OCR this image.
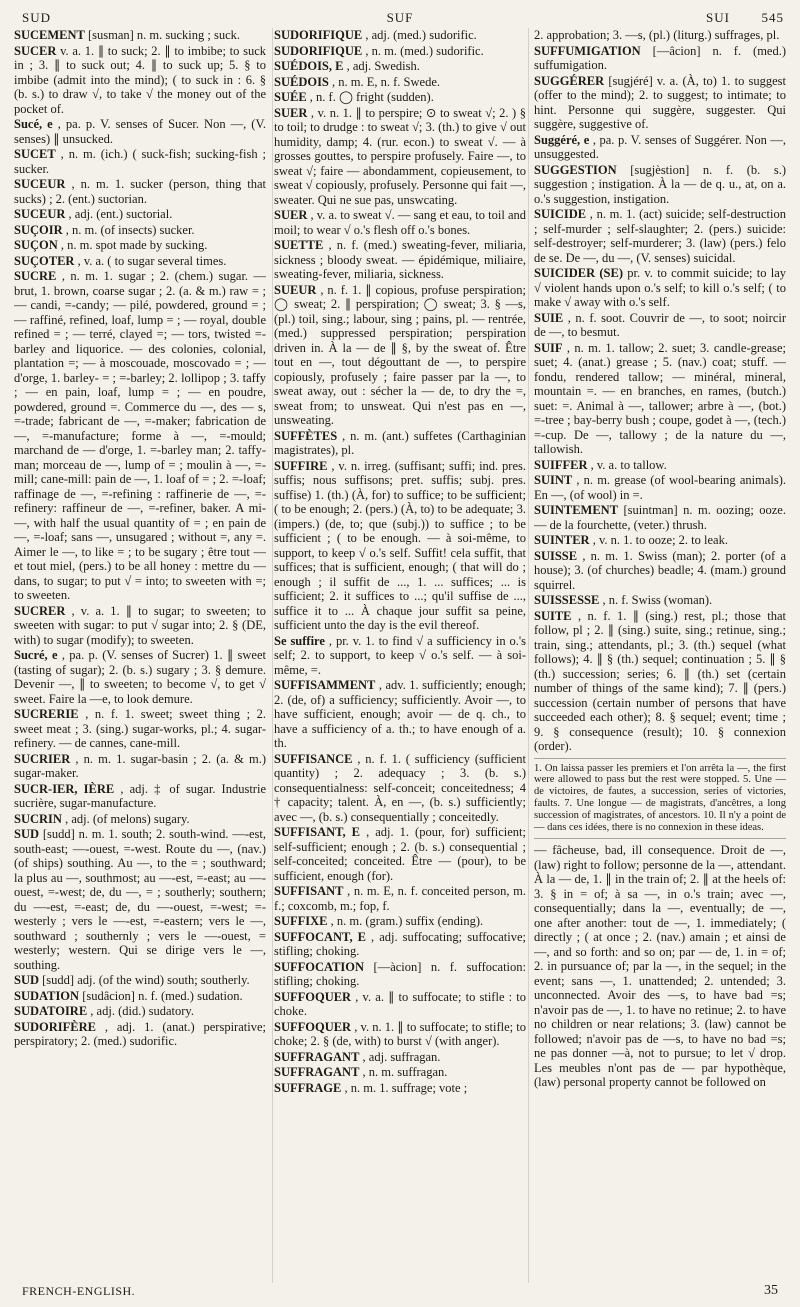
SUD	SUF	SUI 545

SUCEMENT [susman] n. m. sucking ; suck.

SUCER v. a. 1. ∥ to suck; 2. ∥ to imbibe; to suck in ; 3. ∥ to suck out; 4. ∥ to suck up; 5. § to imbibe (admit into the mind); ( to suck in : 6. § (b. s.) to draw √, to take √ the money out of the pocket of.

Sucé, e , pa. p. V. senses of Sucer. Non —, (V. senses) ∥ unsucked.

SUCET , n. m. (ich.) ( suck-fish; sucking-fish ; sucker.

SUCEUR , n. m. 1. sucker (person, thing that sucks) ; 2. (ent.) suctorian.

SUCEUR , adj. (ent.) suctorial.

SUÇOIR , n. m. (of insects) sucker.

SUÇON , n. m. spot made by sucking.

SUÇOTER , v. a. ( to sugar several times.

SUCRE , n. m. 1. sugar ; 2. (chem.) sugar. — brut, 1. brown, coarse sugar ; 2. (a. & m.) raw = ; — candi, =-candy; — pilé, powdered, ground = ; — raffiné, refined, loaf, lump = ; — royal, double refined = ; — terré, clayed =; — tors, twisted =-barley and liquorice. — des colonies, colonial, plantation =; — à moscouade, moscovado = ; — d'orge, 1. barley- = ; =-barley; 2. lollipop ; 3. taffy ; — en pain, loaf, lump = ; — en poudre, powdered, ground =. Commerce du —, des — s, =-trade; fabricant de —, =-maker; fabrication de —, =-manufacture; forme à —, =-mould; marchand de — d'orge, 1. =-barley man; 2. taffy-man; morceau de —, lump of = ; moulin à —, =-mill; cane-mill: pain de —, 1. loaf of = ; 2. =-loaf; raffinage de —, =-refining : raffinerie de —, =-refinery: raffineur de —, =-refiner, baker. A mi-—, with half the usual quantity of = ; en pain de —, =-loaf; sans —, unsugared ; without =, any =. Aimer le —, to like = ; to be sugary ; être tout — et tout miel, (pers.) to be all honey : mettre du — dans, to sugar; to put √ = into; to sweeten with =; to sweeten.

SUCRER , v. a. 1. ∥ to sugar; to sweeten; to sweeten with sugar: to put √ sugar into; 2. § (DE, with) to sugar (modify); to sweeten.

Sucré, e , pa. p. (V. senses of Sucrer) 1. ∥ sweet (tasting of sugar); 2. (b. s.) sugary ; 3. § demure. Devenir —, ∥ to sweeten; to become √, to get √ sweet. Faire la —e, to look demure.

SUCRERIE , n. f. 1. sweet; sweet thing ; 2. sweet meat ; 3. (sing.) sugar-works, pl.; 4. sugar-refinery. — de cannes, cane-mill.

SUCRIER , n. m. 1. sugar-basin ; 2. (a. & m.) sugar-maker.

SUCR-IER, IÈRE , adj. ‡ of sugar. Industrie sucrière, sugar-manufacture.

SUCRIN , adj. (of melons) sugary.

SUD [sudd] n. m. 1. south; 2. south-wind. —-est, south-east; —-ouest, =-west. Route du —, (nav.) (of ships) southing. Au —, to the = ; southward; la plus au —, southmost; au —-est, =-east; au —-ouest, =-west; de, du —, = ; southerly; southern; du —-est, =-east; de, du —-ouest, =-west; =-westerly ; vers le —-est, =-eastern; vers le —, southward ; southernly ; vers le —-ouest, = westerly; western. Qui se dirige vers le —, southing.

SUD [sudd] adj. (of the wind) south; southerly.

SUDATION [sudâcion] n. f. (med.) sudation.

SUDATOIRE , adj. (did.) sudatory.

SUDORIFÈRE , adj. 1. (anat.) perspirative; perspiratory; 2. (med.) sudorific.

SUDORIFIQUE , adj. (med.) sudorific.

SUDORIFIQUE , n. m. (med.) sudorific.

SUÉDOIS, E , adj. Swedish.

SUÉDOIS , n. m. E, n. f. Swede.

SUÉE , n. f. ◯ fright (sudden).

SUER , v. n. 1. ∥ to perspire; ⊙ to sweat √; 2. ) § to toil; to drudge : to sweat √; 3. (th.) to give √ out humidity, damp; 4. (rur. econ.) to sweat √. — à grosses gouttes, to perspire profusely. Faire —, to sweat √; faire — abondamment, copieusement, to sweat √ copiously, profusely. Personne qui fait —, sweater. Qui ne sue pas, unswcating.

SUER , v. a. to sweat √. — sang et eau, to toil and moil; to wear √ o.'s flesh off o.'s bones.

SUETTE , n. f. (med.) sweating-fever, miliaria, sickness ; bloody sweat. — épidémique, miliaire, sweating-fever, miliaria, sickness.

SUEUR , n. f. 1. ∥ copious, profuse perspiration; ◯ sweat; 2. ∥ perspiration; ◯ sweat; 3. § —s, (pl.) toil, sing.; labour, sing ; pains, pl. — rentrée, (med.) suppressed perspiration; perspiration driven in. À la — de ∥ §, by the sweat of. Être tout en —, tout dégouttant de —, to perspire copiously, profusely ; faire passer par la —, to sweat away, out : sécher la — de, to dry the =, sweat from; to unsweat. Qui n'est pas en —, unsweating.

SUFFÈTES , n. m. (ant.) suffetes (Carthaginian magistrates), pl.

SUFFIRE , v. n. irreg. (suffisant; suffi; ind. pres. suffis; nous suffisons; pret. suffis; subj. pres. suffise) 1. (th.) (À, for) to suffice; to be sufficient; ( to be enough; 2. (pers.) (À, to) to be adequate; 3. (impers.) (de, to; que (subj.)) to suffice ; to be sufficient ; ( to be enough. — à soi-même, to support, to keep √ o.'s self. Suffit! cela suffit, that suffices; that is sufficient, enough; ( that will do ; enough ; il suffit de ..., 1. ... suffices; ... is sufficient; 2. it suffices to ...; qu'il suffise de ..., suffice it to ... À chaque jour suffit sa peine, sufficient unto the day is the evil thereof.

Se suffire , pr. v. 1. to find √ a sufficiency in o.'s self; 2. to support, to keep √ o.'s self. — à soi-même, =.

SUFFISAMMENT , adv. 1. sufficiently; enough; 2. (de, of) a sufficiency; sufficiently. Avoir —, to have sufficient, enough; avoir — de q. ch., to have a sufficiency of a. th.; to have enough of a. th.

SUFFISANCE , n. f. 1. ( sufficiency (sufficient quantity) ; 2. adequacy ; 3. (b. s.) consequentialness: self-conceit; conceitedness; 4 † capacity; talent. À, en —, (b. s.) sufficiently; avec —, (b. s.) consequentially ; conceitedly.

SUFFISANT, E , adj. 1. (pour, for) sufficient; self-sufficient; enough ; 2. (b. s.) consequential ; self-conceited; conceited. Être — (pour), to be sufficient, enough (for).

SUFFISANT , n. m. E, n. f. conceited person, m. f.; coxcomb, m.; fop, f.

SUFFIXE , n. m. (gram.) suffix (ending).

SUFFOCANT, E , adj. suffocating; suffocative; stifling; choking.

SUFFOCATION [—àcion] n. f. suffocation: stifling; choking.

SUFFOQUER , v. a. ∥ to suffocate; to stifle : to choke.

SUFFOQUER , v. n. 1. ∥ to suffocate; to stifle; to choke; 2. § (de, with) to burst √ (with anger).

SUFFRAGANT , adj. suffragan.

SUFFRAGANT , n. m. suffragan.

SUFFRAGE , n. m. 1. suffrage; vote ;

2. approbation; 3. —s, (pl.) (liturg.) suffrages, pl.

SUFFUMIGATION [—âcion] n. f. (med.) suffumigation.

SUGGÉRER [sugjéré] v. a. (À, to) 1. to suggest (offer to the mind); 2. to suggest; to intimate; to hint. Personne qui suggère, suggester. Qui suggère, suggestive of.

Suggéré, e , pa. p. V. senses of Suggérer. Non —, unsuggested.

SUGGESTION [sugjèstion] n. f. (b. s.) suggestion ; instigation. À la — de q. u., at, on a. o.'s suggestion, instigation.

SUICIDE , n. m. 1. (act) suicide; self-destruction ; self-murder ; self-slaughter; 2. (pers.) suicide: self-destroyer; self-murderer; 3. (law) (pers.) felo de se. De —, du —, (V. senses) suicidal.

SUICIDER (SE) pr. v. to commit suicide; to lay √ violent hands upon o.'s self; to kill o.'s self; ( to make √ away with o.'s self.

SUIE , n. f. soot. Couvrir de —, to soot; noircir de —, to besmut.

SUIF , n. m. 1. tallow; 2. suet; 3. candle-grease; suet; 4. (anat.) grease ; 5. (nav.) coat; stuff. — fondu, rendered tallow; — minéral, mineral, mountain =. — en branches, en rames, (butch.) suet: =. Animal à —, tallower; arbre à —, (bot.) =-tree ; bay-berry bush ; coupe, godet à —, (tech.) =-cup. De —, tallowy ; de la nature du —, tallowish.

SUIFFER , v. a. to tallow.

SUINT , n. m. grease (of wool-bearing animals). En —, (of wool) in =.

SUINTEMENT [suintman] n. m. oozing; ooze. — de la fourchette, (veter.) thrush.

SUINTER , v. n. 1. to ooze; 2. to leak.

SUISSE , n. m. 1. Swiss (man); 2. porter (of a house); 3. (of churches) beadle; 4. (mam.) ground squirrel.

SUISSESSE , n. f. Swiss (woman).

SUITE , n. f. 1. ∥ (sing.) rest, pl.; those that follow, pl ; 2. ∥ (sing.) suite, sing.; retinue, sing.; train, sing.; attendants, pl.; 3. (th.) sequel (what follows); 4. ∥ § (th.) sequel; continuation ; 5. ∥ § (th.) succession; series; 6. ∥ (th.) set (certain number of things of the same kind); 7. ∥ (pers.) succession (certain number of persons that have succeeded each other); 8. § sequel; event; time ; 9. § consequence (result); 10. § connexion (order).

1. On laissa passer les premiers et l'on arrêta la —, the first were allowed to pass but the rest were stopped. 5. Une — de victoires, de fautes, a succession, series of victories, faults. 7. Une longue — de magistrats, d'ancêtres, a long succession of magistrates, of ancestors. 10. Il n'y a point de — dans ces idées, there is no connexion in these ideas.

— fâcheuse, bad, ill consequence. Droit de —, (law) right to follow; personne de la —, attendant. À la — de, 1. ∥ in the train of; 2. ∥ at the heels of: 3. § in = of; à sa —, in o.'s train; avec —, consequentially; dans la —, eventually; de —, one after another: tout de —, 1. immediately; ( directly ; ( at once ; 2. (nav.) amain ; et ainsi de —, and so forth: and so on; par — de, 1. in = of; 2. in pursuance of; par la —, in the sequel; in the event; sans —, 1. unattended; 2. untended; 3. unconnected. Avoir des —s, to have bad =s; n'avoir pas de —, 1. to have no retinue; 2. to have no children or near relations; 3. (law) cannot be followed; n'avoir pas de —s, to have no bad =s; ne pas donner —à, not to pursue; to let √ drop. Les meubles n'ont pas de — par hypothèque, (law) personal property cannot be followed on

FRENCH-ENGLISH.	35
